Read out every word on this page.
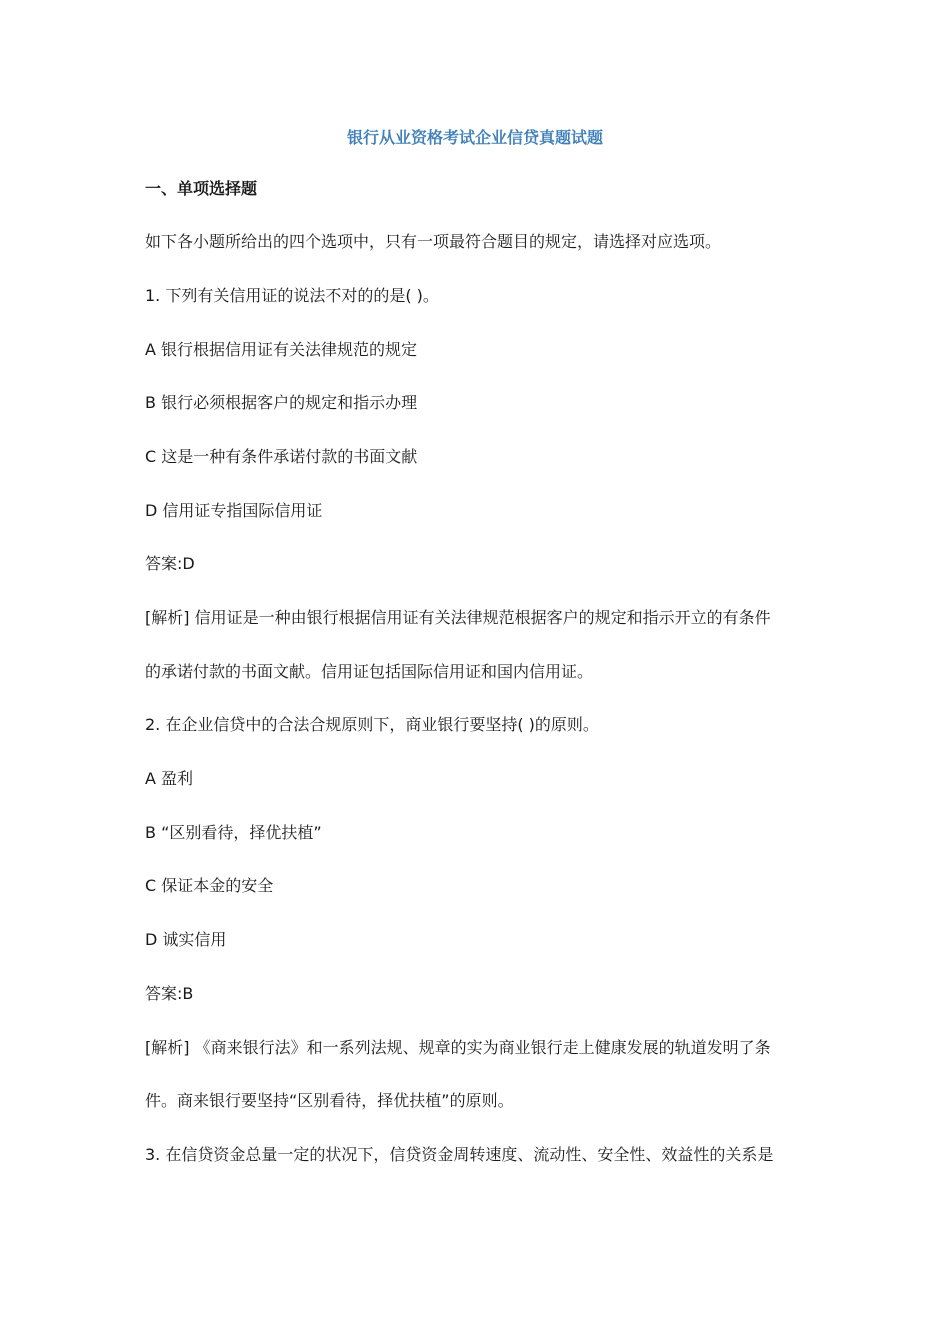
银行从业资格考试企业信贷真题试题
一、单项选择题
如下各小题所给出的四个选项中，只有一项最符合题目的规定，请选择对应选项。
1. 下列有关信用证的说法不对的的是( )。
A 银行根据信用证有关法律规范的规定
B 银行必须根据客户的规定和指示办理
C 这是一种有条件承诺付款的书面文献
D 信用证专指国际信用证
答案:D
[解析] 信用证是一种由银行根据信用证有关法律规范根据客户的规定和指示开立的有条件
的承诺付款的书面文献。信用证包括国际信用证和国内信用证。
2. 在企业信贷中的合法合规原则下，商业银行要坚持( )的原则。
A 盈利
B “区别看待，择优扶植”
C 保证本金的安全
D 诚实信用
答案:B
[解析] 《商来银行法》和一系列法规、规章的实为商业银行走上健康发展的轨道发明了条
件。商来银行要坚持“区别看待，择优扶植”的原则。
3. 在信贷资金总量一定的状况下，信贷资金周转速度、流动性、安全性、效益性的关系是
